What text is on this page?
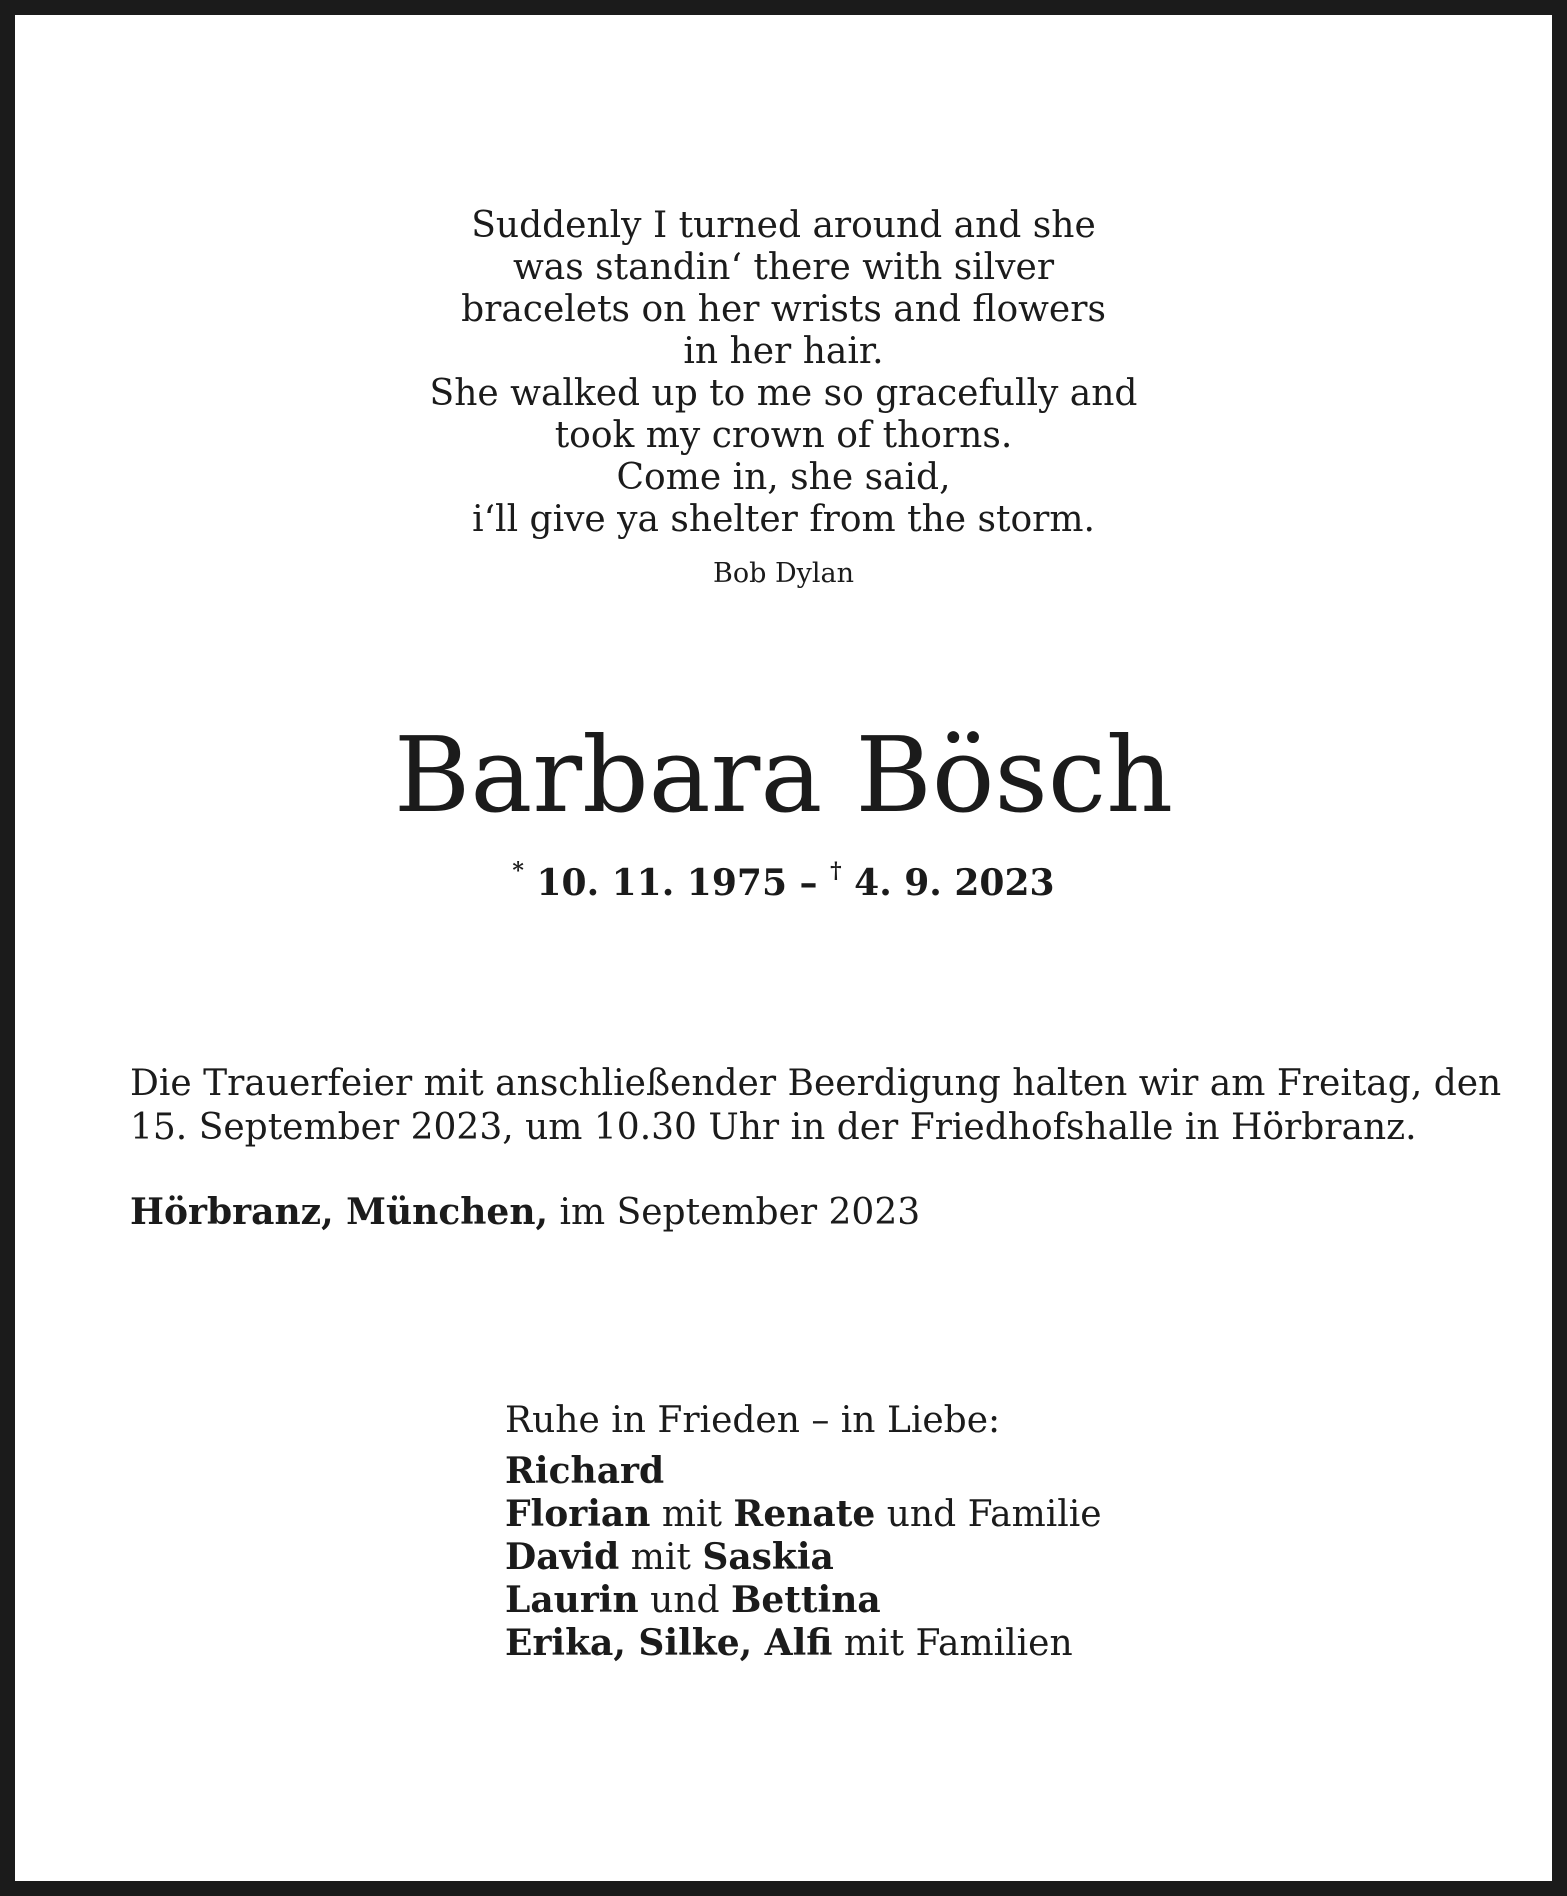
Suddenly I turned around and she
was standin‘ there with silver
bracelets on her wrists and flowers
in her hair.
She walked up to me so gracefully and
took my crown of thorns.
Come in, she said,
i‘ll give ya shelter from the storm.
Bob Dylan
Barbara Bösch
* 10. 11. 1975 – † 4. 9. 2023
Die Trauerfeier mit anschließender Beerdigung halten wir am Freitag, den
15. September 2023, um 10.30 Uhr in der Friedhofshalle in Hörbranz.
Hörbranz, München, im September 2023
Ruhe in Frieden – in Liebe:
Richard
Florian mit Renate und Familie
David mit Saskia
Laurin und Bettina
Erika, Silke, Alfi mit Familien
